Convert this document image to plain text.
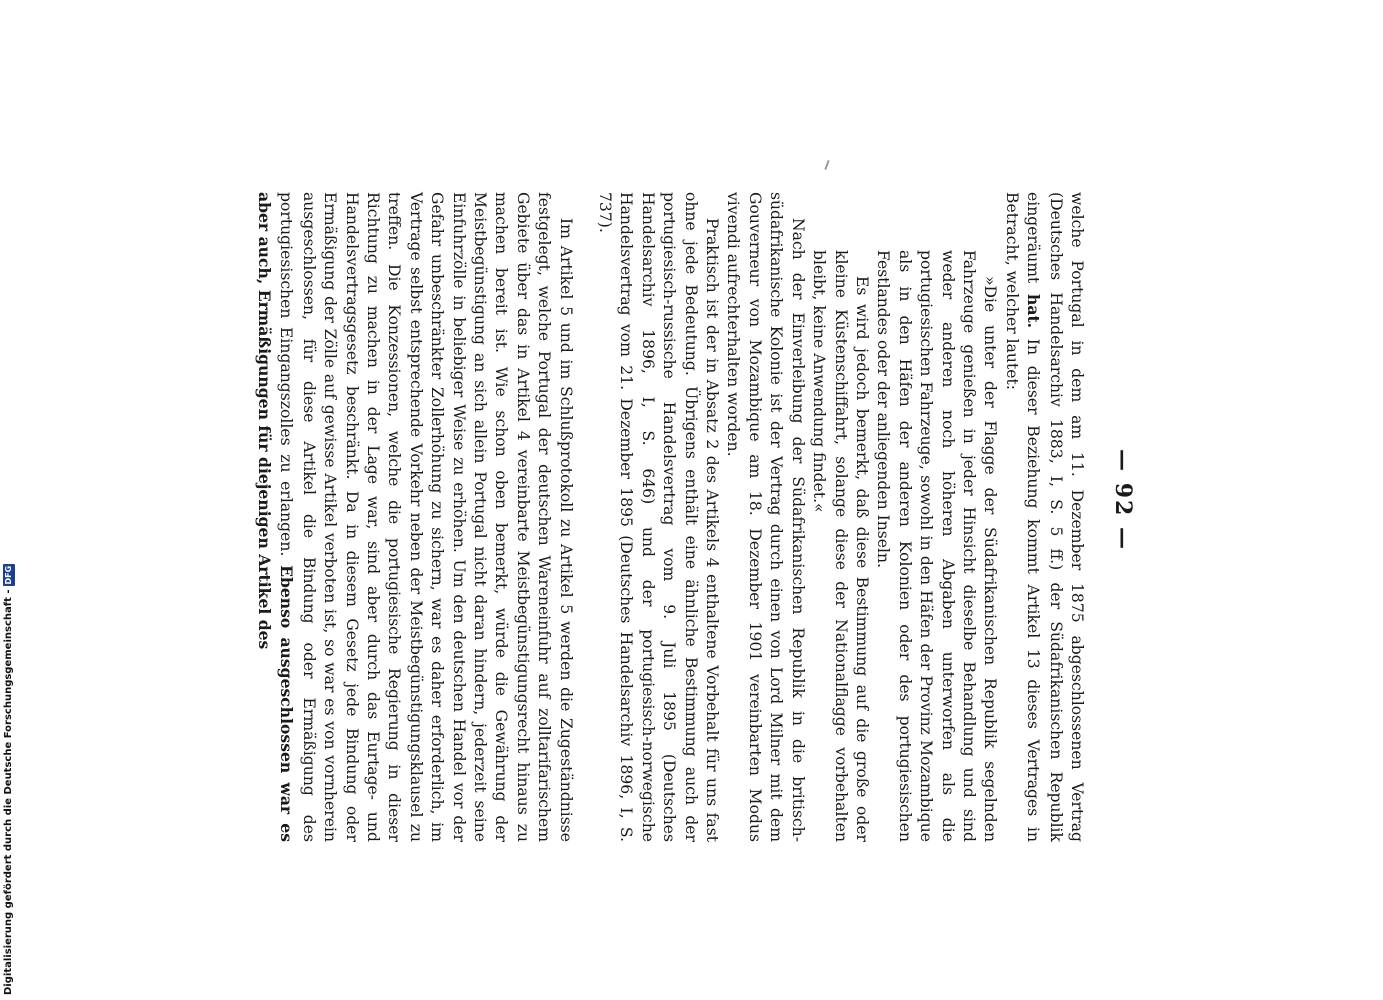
— 92 —

welche Portugal in dem am 11. Dezember 1875 abgeschlossenen Vertrag (Deutsches Handelsarchiv 1883, I, S. 5 ff.) der Südafrikanischen Republik eingeräumt hat. In dieser Beziehung kommt Artikel 13 dieses Vertrages in Betracht, welcher lautet:

»Die unter der Flagge der Südafrikanischen Republik segelnden Fahrzeuge genießen in jeder Hinsicht dieselbe Behandlung und sind weder anderen noch höheren Abgaben unterworfen als die portugiesischen Fahrzeuge, sowohl in den Häfen der Provinz Mozambique als in den Häfen der anderen Kolonien oder des portugiesischen Festlandes oder der anliegenden Inseln.

Es wird jedoch bemerkt, daß diese Bestimmung auf die große oder kleine Küstenschiffahrt, solange diese der Nationalflagge vorbehalten bleibt, keine Anwendung findet.«

Nach der Einverleibung der Südafrikanischen Republik in die britisch-südafrikanische Kolonie ist der Vertrag durch einen von Lord Milner mit dem Gouverneur von Mozambique am 18. Dezember 1901 vereinbarten Modus vivendi aufrechterhalten worden.

Praktisch ist der in Absatz 2 des Artikels 4 enthaltene Vorbehalt für uns fast ohne jede Bedeutung. Übrigens enthält eine ähnliche Bestimmung auch der portugiesisch-russische Handelsvertrag vom 9. Juli 1895 (Deutsches Handelsarchiv 1896, I, S. 646) und der portugiesisch-norwegische Handelsvertrag vom 21. Dezember 1895 (Deutsches Handelsarchiv 1896, I, S. 737).

Im Artikel 5 und im Schlußprotokoll zu Artikel 5 werden die Zugeständnisse festgelegt, welche Portugal der deutschen Wareneinfuhr auf zolltarifarischem Gebiete über das in Artikel 4 vereinbarte Meistbegünstigungsrecht hinaus zu machen bereit ist. Wie schon oben bemerkt, würde die Gewährung der Meistbegünstigung an sich allein Portugal nicht daran hindern, jederzeit seine Einfuhrzölle in beliebiger Weise zu erhöhen. Um den deutschen Handel vor der Gefahr unbeschränkter Zollerhöhung zu sichern, war es daher erforderlich, im Vertrage selbst entsprechende Vorkehr neben der Meistbegünstigungsklausel zu treffen. Die Konzessionen, welche die portugiesische Regierung in dieser Richtung zu machen in der Lage war, sind aber durch das Eurtage- und Handelsvertragsgesetz beschränkt. Da in diesem Gesetz jede Bindung oder Ermäßigung der Zölle auf gewisse Artikel verboten ist, so war es von vornherein ausgeschlossen, für diese Artikel die Bindung oder Ermäßigung des portugiesischen Eingangszolles zu erlangen. Ebenso ausgeschlossen war es aber auch, Ermäßigungen für diejenigen Artikel des

Digitalisierung gefördert durch die Deutsche Forschungsgemeinschaft -
DFG
